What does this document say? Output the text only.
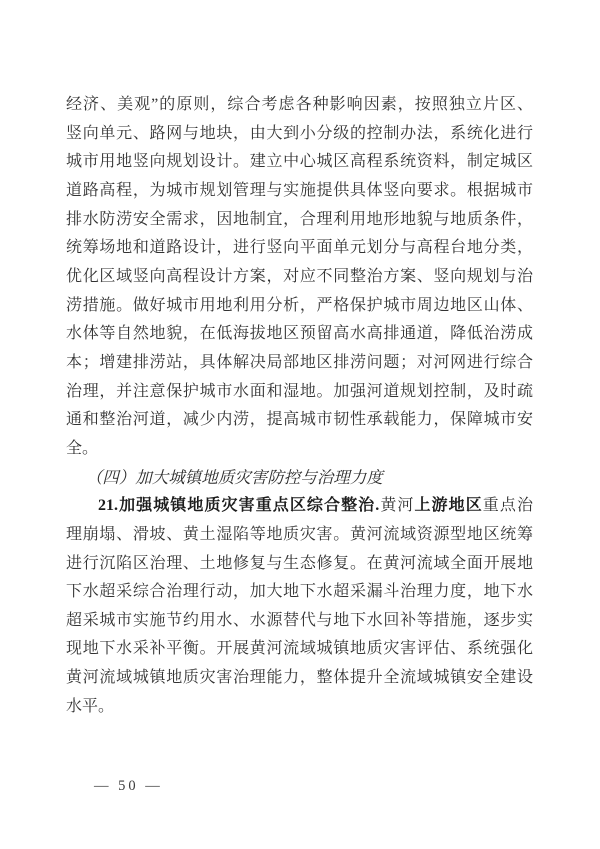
经济、美观”的原则，综合考虑各种影响因素，按照独立片区、
竖向单元、路网与地块，由大到小分级的控制办法，系统化进行
城市用地竖向规划设计。建立中心城区高程系统资料，制定城区
道路高程，为城市规划管理与实施提供具体竖向要求。根据城市
排水防涝安全需求，因地制宜，合理利用地形地貌与地质条件，
统筹场地和道路设计，进行竖向平面单元划分与高程台地分类，
优化区域竖向高程设计方案，对应不同整治方案、竖向规划与治
涝措施。做好城市用地利用分析，严格保护城市周边地区山体、
水体等自然地貌，在低海拔地区预留高水高排通道，降低治涝成
本；增建排涝站，具体解决局部地区排涝问题；对河网进行综合
治理，并注意保护城市水面和湿地。加强河道规划控制，及时疏
通和整治河道，减少内涝，提高城市韧性承载能力，保障城市安
全。
（四）加大城镇地质灾害防控与治理力度
21.加强城镇地质灾害重点区综合整治.黄河上游地区重点治
理崩塌、滑坡、黄土湿陷等地质灾害。黄河流域资源型地区统筹
进行沉陷区治理、土地修复与生态修复。在黄河流域全面开展地
下水超采综合治理行动，加大地下水超采漏斗治理力度，地下水
超采城市实施节约用水、水源替代与地下水回补等措施，逐步实
现地下水采补平衡。开展黄河流域城镇地质灾害评估、系统强化
黄河流域城镇地质灾害治理能力，整体提升全流域城镇安全建设
水平。
— 50 —
